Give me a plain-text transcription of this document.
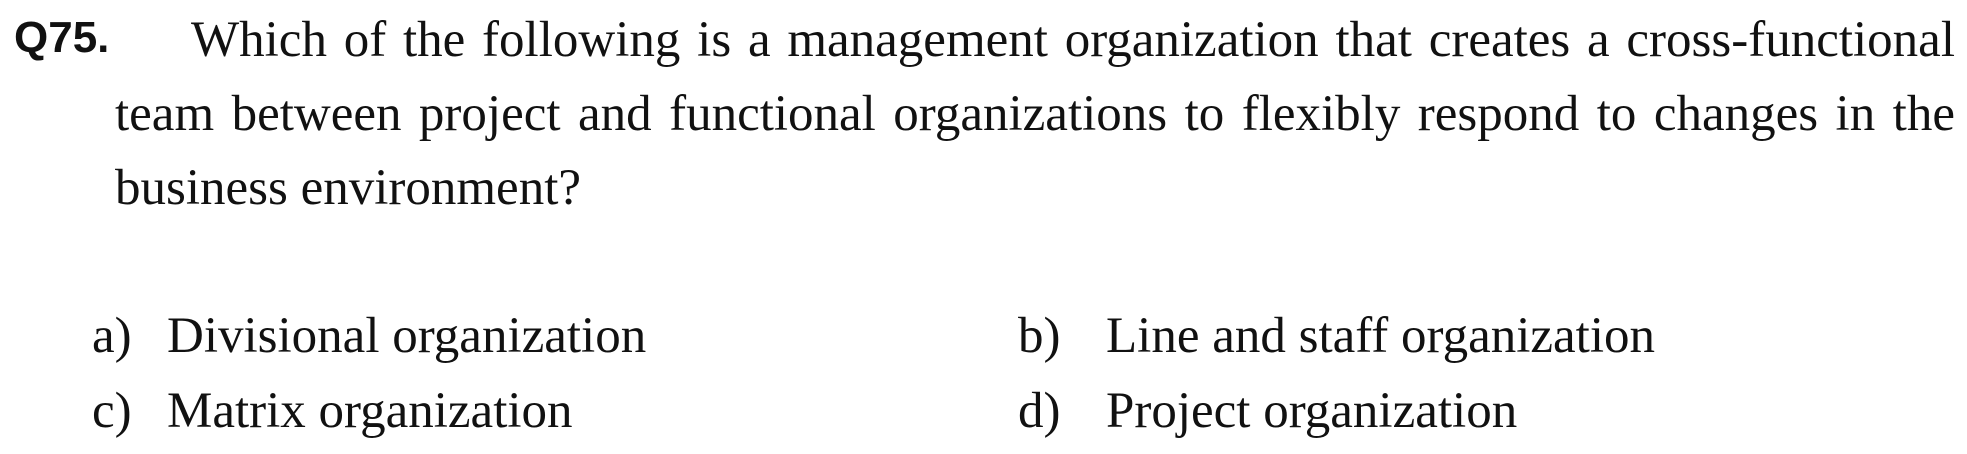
Q75.	Which of the following is a management organization that creates a cross-functional team between project and functional organizations to flexibly respond to changes in the business environment?

a) Divisional organization	b) Line and staff organization
c) Matrix organization	d) Project organization
